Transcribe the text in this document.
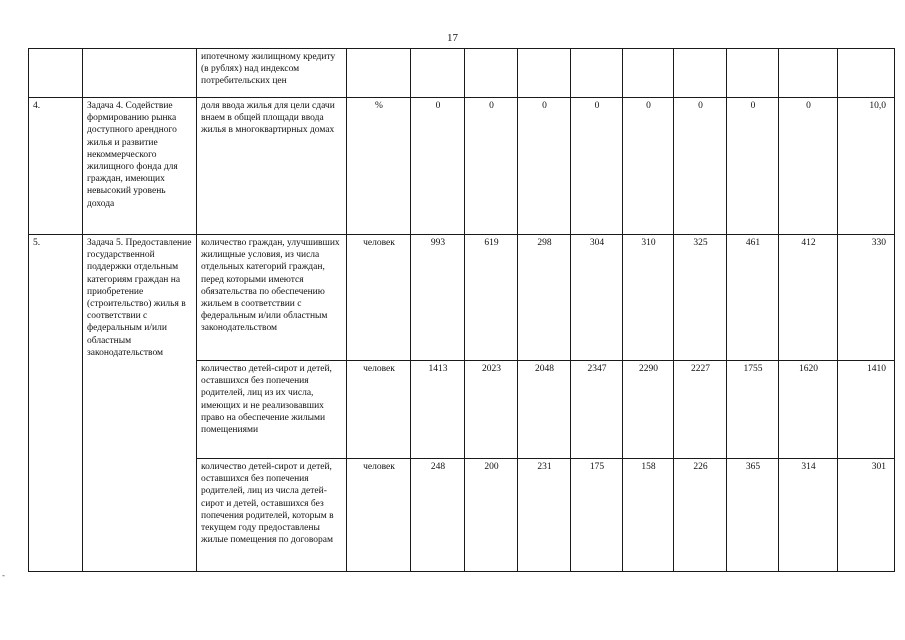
17
		ипотечному жилищному кредиту (в рублях) над индексом потребительских цен										
4.	Задача 4. Содействие формированию рынка доступного арендного жилья и развитие некоммерческого жилищного фонда для граждан, имеющих невысокий уровень дохода	доля ввода жилья для цели сдачи внаем в общей площади ввода жилья в многоквартирных домах	%	0	0	0	0	0	0	0	0	10,0
5.	Задача 5. Предоставление государственной поддержки отдельным категориям граждан на приобретение (строительство) жилья в соответствии с федеральным и/или областным законодательством	количество граждан, улучшивших жилищные условия, из числа отдельных категорий граждан, перед которыми имеются обязательства по обеспечению жильем в соответствии с федеральным и/или областным законодательством	человек	993	619	298	304	310	325	461	412	330
		количество детей-сирот и детей, оставшихся без попечения родителей, лиц из их числа, имеющих и не реализовавших право на обеспечение жилыми помещениями	человек	1413	2023	2048	2347	2290	2227	1755	1620	1410
		количество детей-сирот и детей, оставшихся без попечения родителей, лиц из числа детей-сирот и детей, оставшихся без попечения родителей, которым в текущем году предоставлены жилые помещения по договорам	человек	248	200	231	175	158	226	365	314	301
-
